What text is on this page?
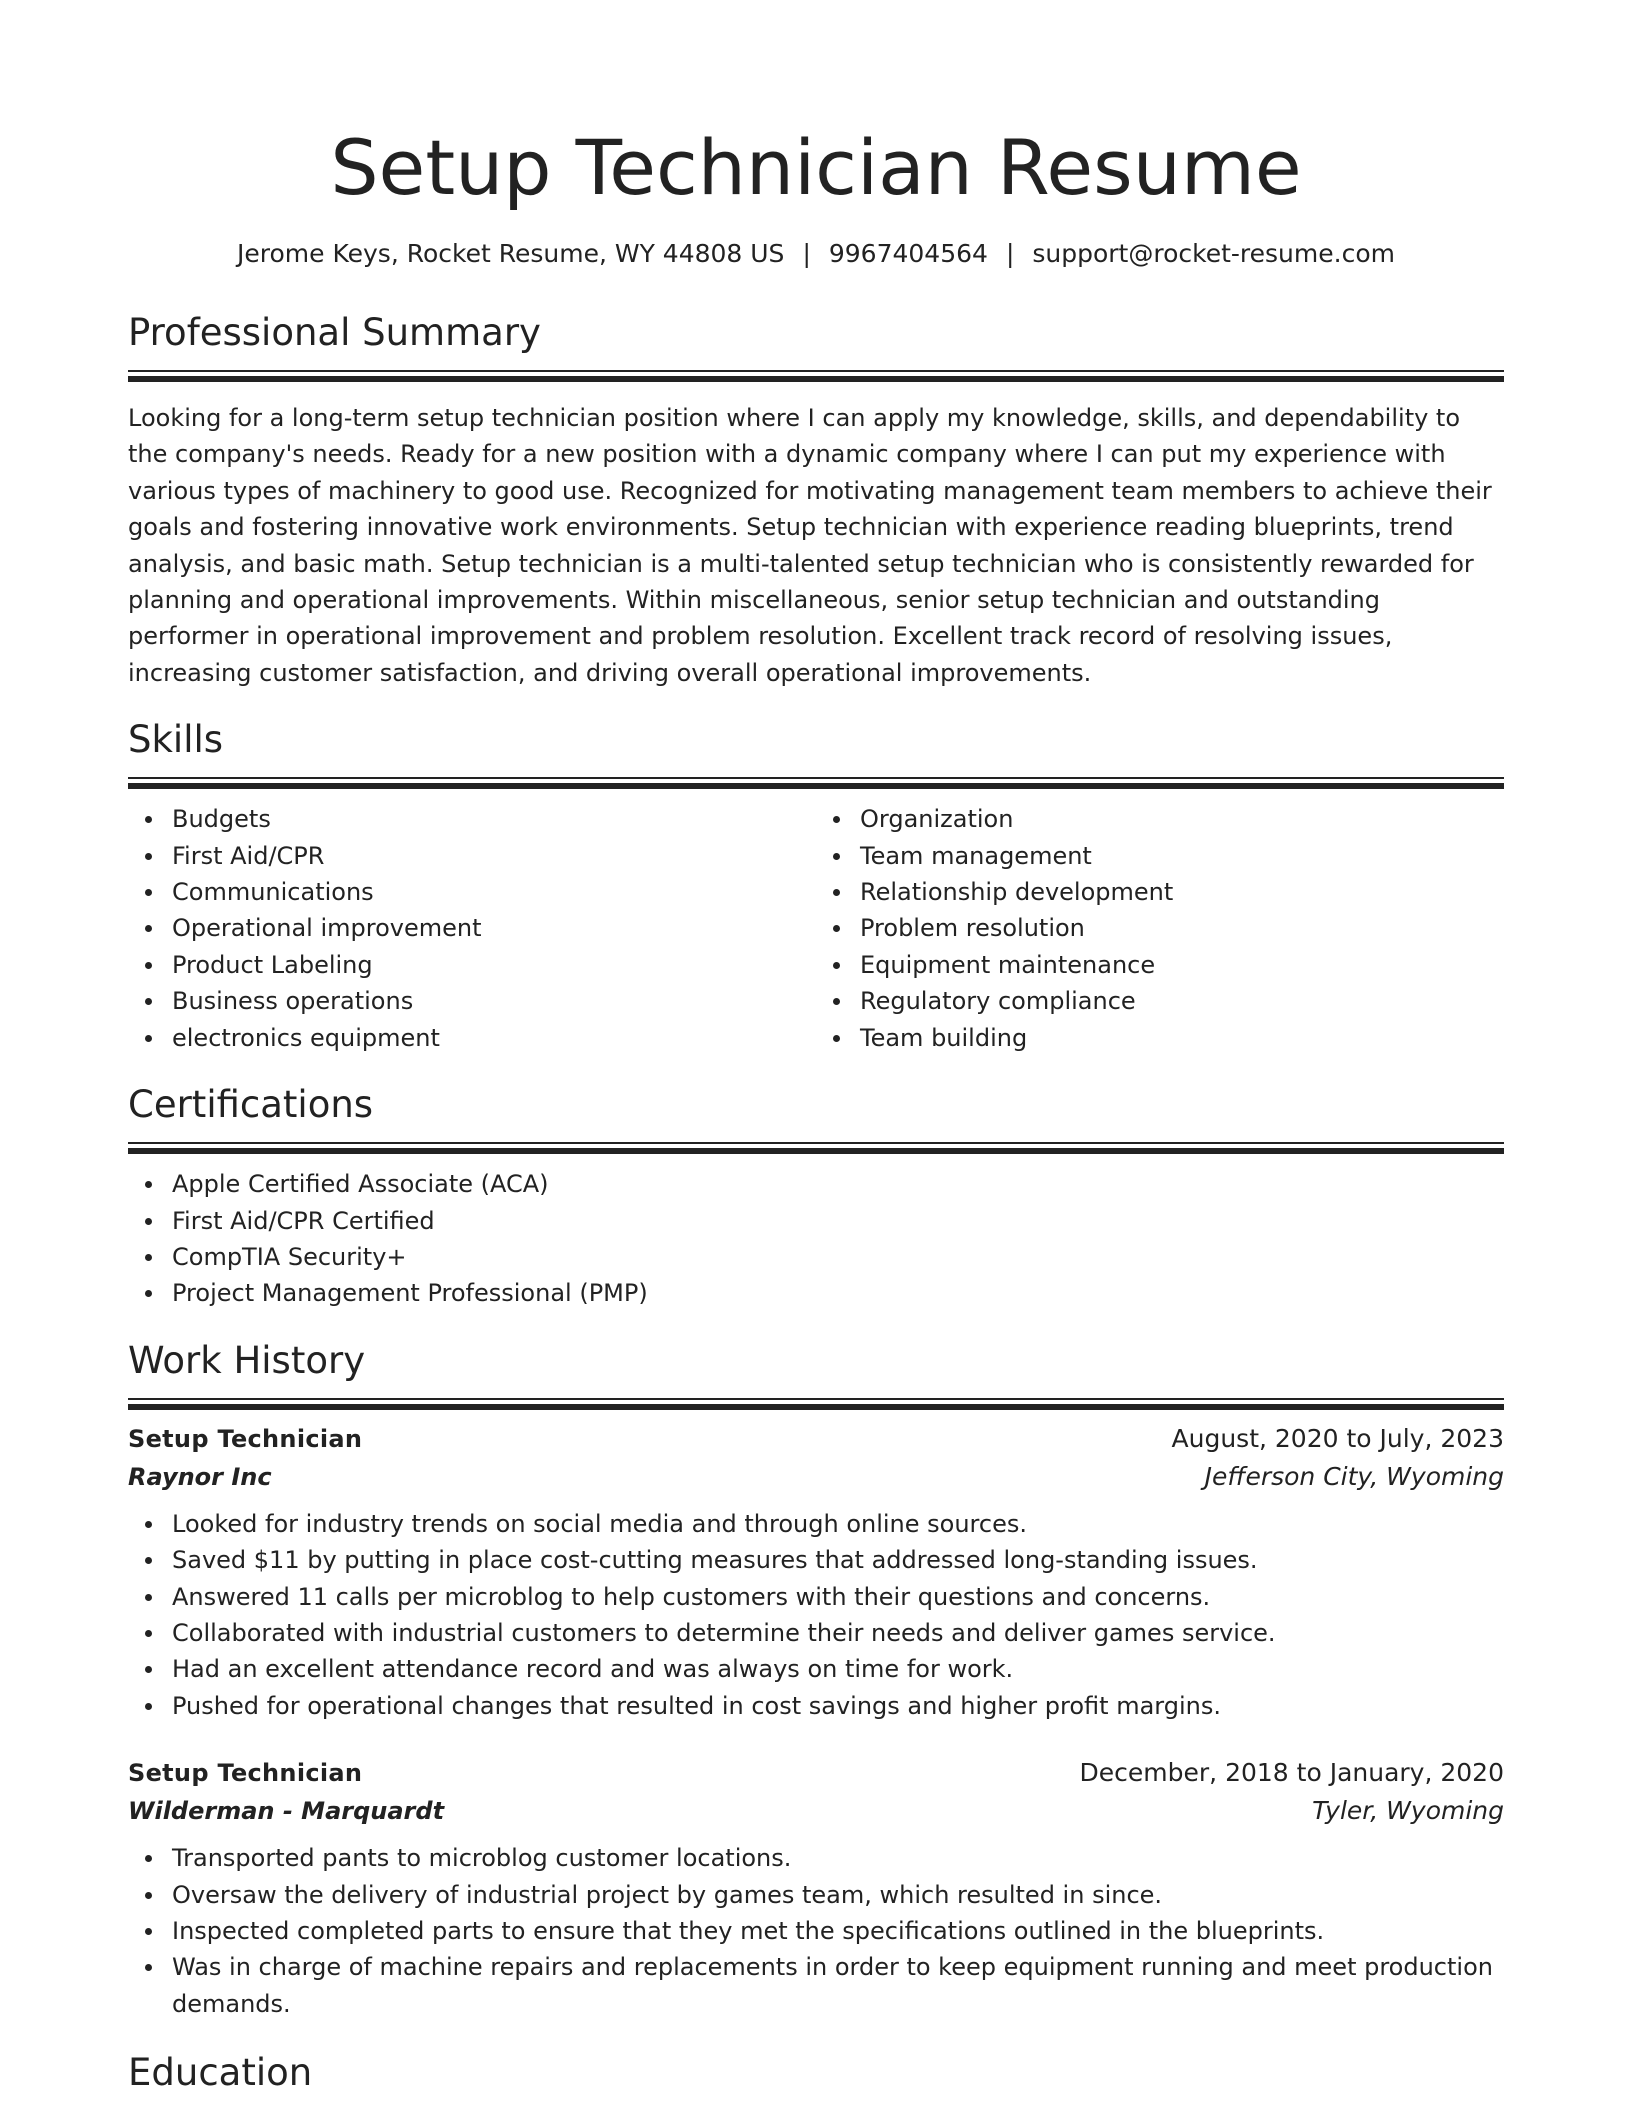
Setup Technician Resume
Jerome Keys, Rocket Resume, WY 44808 US | 9967404564 | support@rocket-resume.com
Professional Summary

Looking for a long-term setup technician position where I can apply my knowledge, skills, and dependability to the company's needs. Ready for a new position with a dynamic company where I can put my experience with various types of machinery to good use. Recognized for motivating management team members to achieve their goals and fostering innovative work environments. Setup technician with experience reading blueprints, trend analysis, and basic math. Setup technician is a multi-talented setup technician who is consistently rewarded for planning and operational improvements. Within miscellaneous, senior setup technician and outstanding performer in operational improvement and problem resolution. Excellent track record of resolving issues, increasing customer satisfaction, and driving overall operational improvements.

Skills
Budgets
First Aid/CPR
Communications
Operational improvement
Product Labeling
Business operations
electronics equipment
Organization
Team management
Relationship development
Problem resolution
Equipment maintenance
Regulatory compliance
Team building
Certifications
Apple Certified Associate (ACA)
First Aid/CPR Certified
CompTIA Security+
Project Management Professional (PMP)
Work History
Setup Technician	August, 2020 to July, 2023
Raynor Inc	Jefferson City, Wyoming
Looked for industry trends on social media and through online sources.
Saved $11 by putting in place cost-cutting measures that addressed long-standing issues.
Answered 11 calls per microblog to help customers with their questions and concerns.
Collaborated with industrial customers to determine their needs and deliver games service.
Had an excellent attendance record and was always on time for work.
Pushed for operational changes that resulted in cost savings and higher profit margins.
Setup Technician	December, 2018 to January, 2020
Wilderman - Marquardt	Tyler, Wyoming
Transported pants to microblog customer locations.
Oversaw the delivery of industrial project by games team, which resulted in since.
Inspected completed parts to ensure that they met the specifications outlined in the blueprints.
Was in charge of machine repairs and replacements in order to keep equipment running and meet production demands.
Education
